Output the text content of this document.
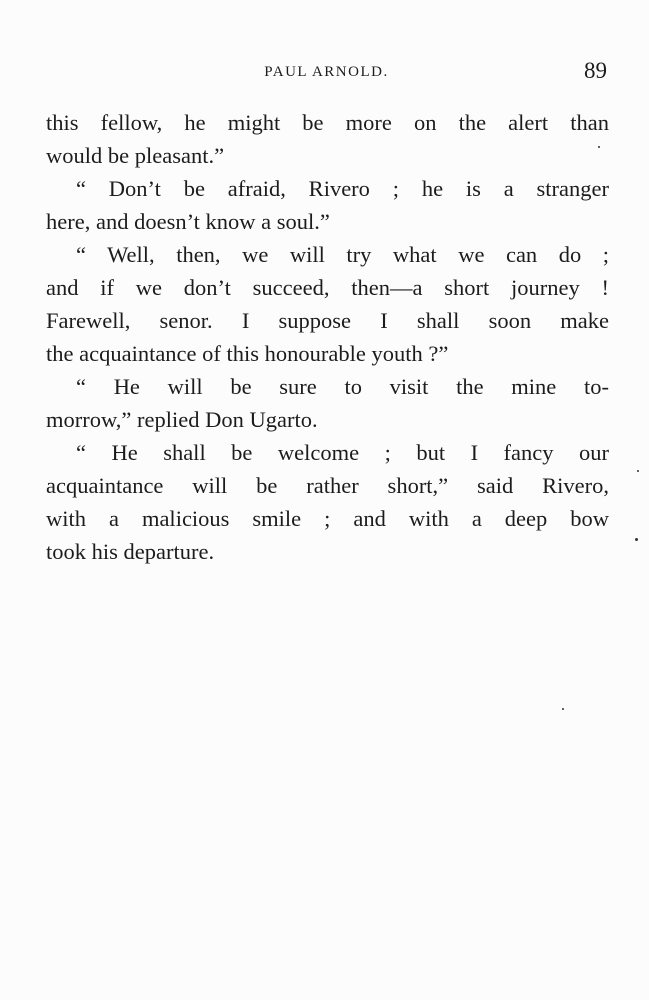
PAUL ARNOLD.	89
this fellow, he might be more on the alert than
would be pleasant.”
“ Don’t be afraid, Rivero ; he is a stranger
here, and doesn’t know a soul.”
“ Well, then, we will try what we can do ;
and if we don’t succeed, then—a short journey !
Farewell, senor. I suppose I shall soon make
the acquaintance of this honourable youth ?”
“ He will be sure to visit the mine to-
morrow,” replied Don Ugarto.
“ He shall be welcome ; but I fancy our
acquaintance will be rather short,” said Rivero,
with a malicious smile ; and with a deep bow
took his departure.
